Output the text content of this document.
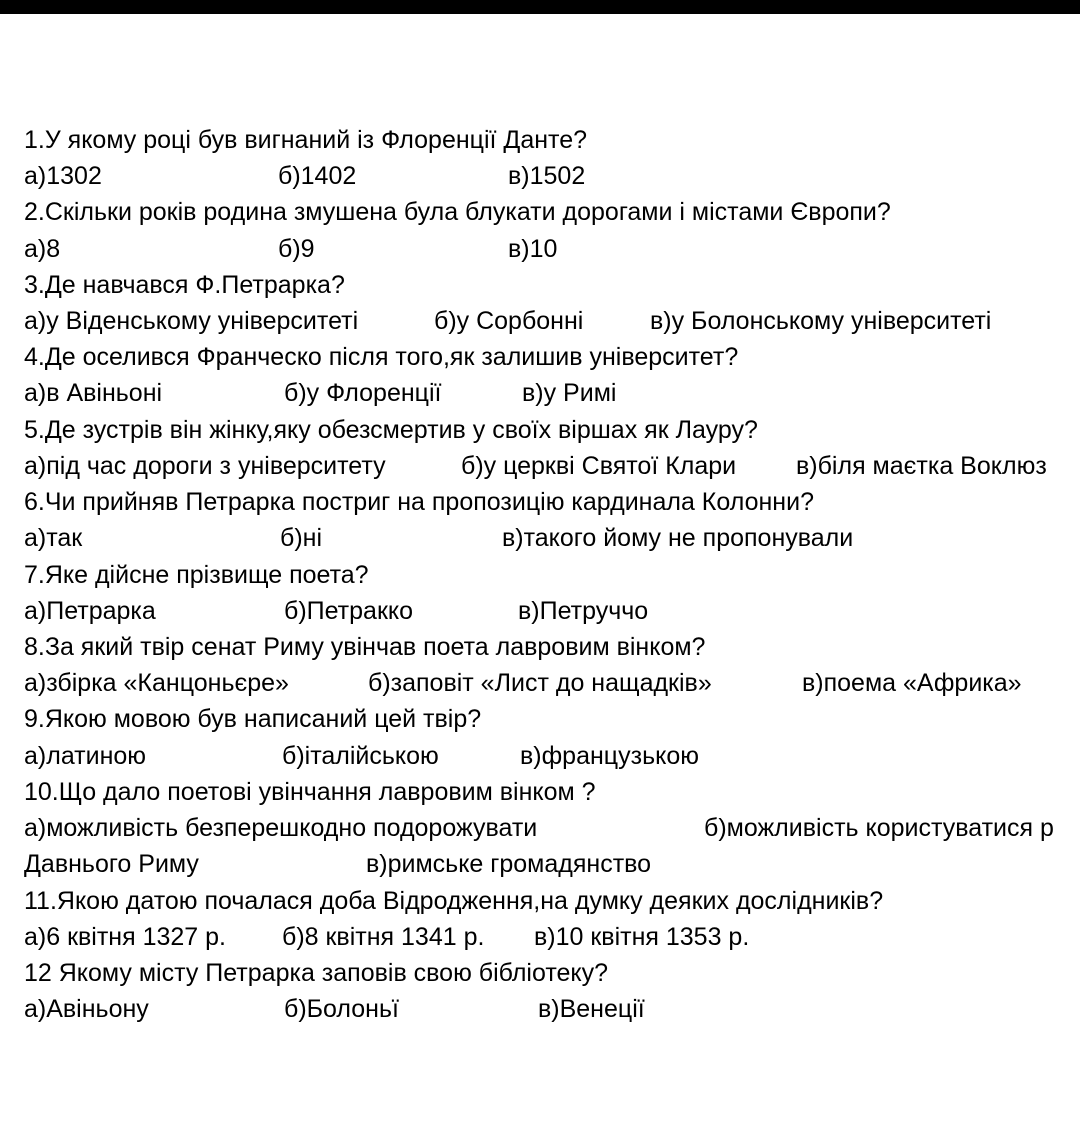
1.У якому році був вигнаний із Флоренції Данте?
а)1302	б)1402	в)1502
2.Скільки років родина змушена була блукати дорогами і містами Європи?
а)8	б)9	в)10
3.Де навчався Ф.Петрарка?
а)у Віденському університеті	б)у Сорбонні	в)у Болонському університеті
4.Де оселився Франческо після того,як залишив університет?
а)в Авіньоні	б)у Флоренції	в)у Римі
5.Де зустрів він жінку,яку обезсмертив у своїх віршах як Лауру?
а)під час дороги з університету	б)у церкві Святої Клари в)біля маєтка Воклюз
6.Чи прийняв Петрарка постриг на пропозицію кардинала Колонни?
а)так	б)ні	в)такого йому не пропонували
7.Яке дійсне прізвище поета?
а)Петрарка	б)Петракко	в)Петруччо
8.За який твір сенат Риму увінчав поета лавровим вінком?
а)збірка «Канцоньєре»	б)заповіт «Лист до нащадків»	в)поема «Африка»
9.Якою мовою був написаний цей твір?
а)латиною	б)італійською	в)французькою
10.Що дало поетові увінчання лавровим вінком ?
а)можливість безперешкодно подорожувати	б)можливість користуватися р
Давнього Риму	в)римське громадянство
11.Якою датою почалася доба Відродження,на думку деяких дослідників?
а)6 квітня 1327 р. б)8 квітня 1341 р. в)10 квітня 1353 р.
12 Якому місту Петрарка заповів свою бібліотеку?
а)Авіньону	б)Болоньї	в)Венеції
